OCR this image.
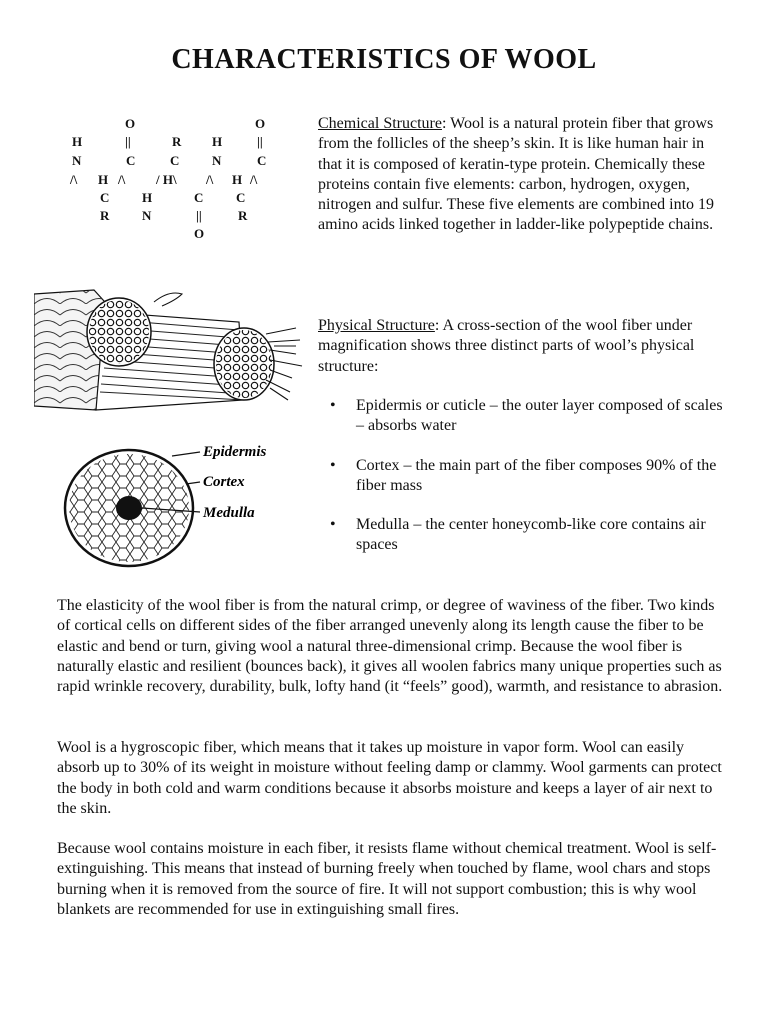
CHARACTERISTICS OF WOOL
O	O
H	||	R H	||
N	C	C	N	C
/\ H /\ / H\ /\ H /\
C	H	C	C
R	N	||	R
O

Chemical Structure: Wool is a natural protein fiber that grows from the follicles of the sheep’s skin. It is like human hair in that it is composed of keratin-type protein. Chemically these proteins contain five elements: carbon, hydrogen, oxygen, nitrogen and sulfur. These five elements are combined into 19 amino acids linked together in ladder-like polypeptide chains.

Epidermis
Cortex
Medulla

Physical Structure: A cross-section of the wool fiber under magnification shows three distinct parts of wool’s physical structure:

• Epidermis or cuticle – the outer layer composed of scales – absorbs water
• Cortex – the main part of the fiber composes 90% of the fiber mass
• Medulla – the center honeycomb-like core contains air spaces

The elasticity of the wool fiber is from the natural crimp, or degree of waviness of the fiber. Two kinds of cortical cells on different sides of the fiber arranged unevenly along its length cause the fiber to be elastic and bend or turn, giving wool a natural three-dimensional crimp. Because the wool fiber is naturally elastic and resilient (bounces back), it gives all woolen fabrics many unique properties such as rapid wrinkle recovery, durability, bulk, lofty hand (it “feels” good), warmth, and resistance to abrasion.

Wool is a hygroscopic fiber, which means that it takes up moisture in vapor form. Wool can easily absorb up to 30% of its weight in moisture without feeling damp or clammy. Wool garments can protect the body in both cold and warm conditions because it absorbs moisture and keeps a layer of air next to the skin.

Because wool contains moisture in each fiber, it resists flame without chemical treatment. Wool is self-extinguishing. This means that instead of burning freely when touched by flame, wool chars and stops burning when it is removed from the source of fire. It will not support combustion; this is why wool blankets are recommended for use in extinguishing small fires.
